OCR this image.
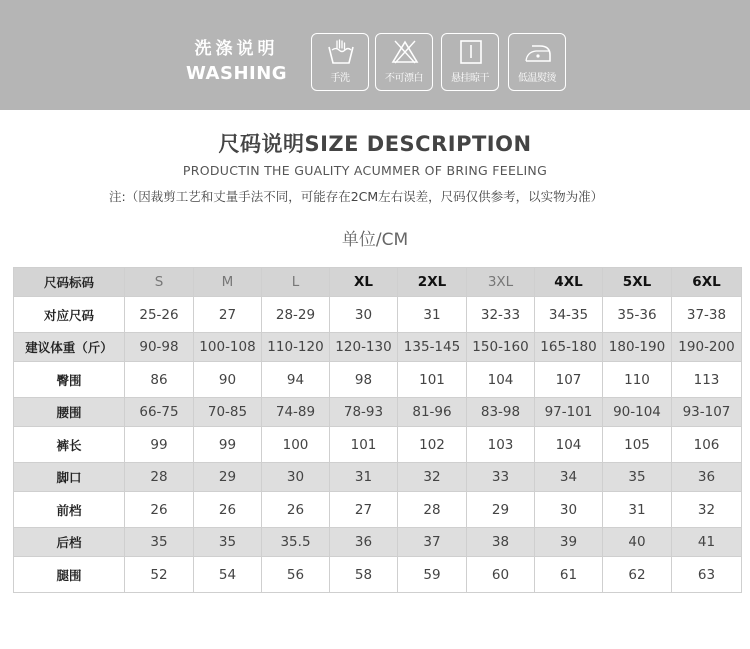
洗涤说明
WASHING	手洗	不可漂白	悬挂晾干	低温熨烫
尺码说明SIZE DESCRIPTION
PRODUCTIN THE GUALITY ACUMMER OF BRING FEELING
注:（因裁剪工艺和丈量手法不同，可能存在2CM左右误差，尺码仅供参考，以实物为准）
单位/CM
尺码标码	S	M	L	XL	2XL	3XL	4XL	5XL	6XL
对应尺码	25-26	27	28-29	30	31	32-33	34-35	35-36	37-38
建议体重（斤）	90-98	100-108	110-120	120-130	135-145	150-160	165-180	180-190	190-200
臀围	86	90	94	98	101	104	107	110	113
腰围	66-75	70-85	74-89	78-93	81-96	83-98	97-101	90-104	93-107
裤长	99	99	100	101	102	103	104	105	106
脚口	28	29	30	31	32	33	34	35	36
前档	26	26	26	27	28	29	30	31	32
后档	35	35	35.5	36	37	38	39	40	41
腿围	52	54	56	58	59	60	61	62	63
